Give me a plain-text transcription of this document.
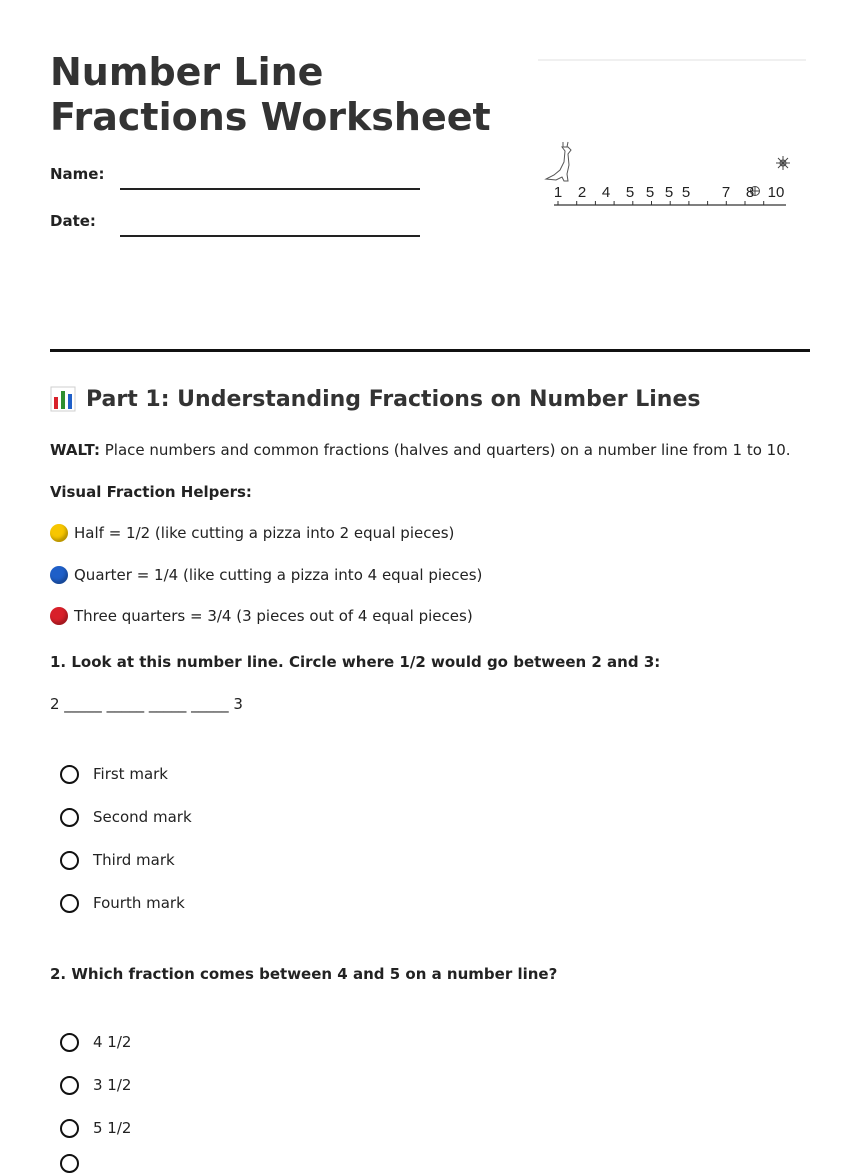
Number Line Fractions Worksheet
Name:
Date:
1 2 4 5 5 5 5 7 8 10
Part 1: Understanding Fractions on Number Lines
WALT: Place numbers and common fractions (halves and quarters) on a number line from 1 to 10.
Visual Fraction Helpers:
Half = 1/2 (like cutting a pizza into 2 equal pieces)
Quarter = 1/4 (like cutting a pizza into 4 equal pieces)
Three quarters = 3/4 (3 pieces out of 4 equal pieces)
1. Look at this number line. Circle where 1/2 would go between 2 and 3:
2 _____ _____ _____ _____ 3
First mark
Second mark
Third mark
Fourth mark
2. Which fraction comes between 4 and 5 on a number line?
4 1/2
3 1/2
5 1/2
